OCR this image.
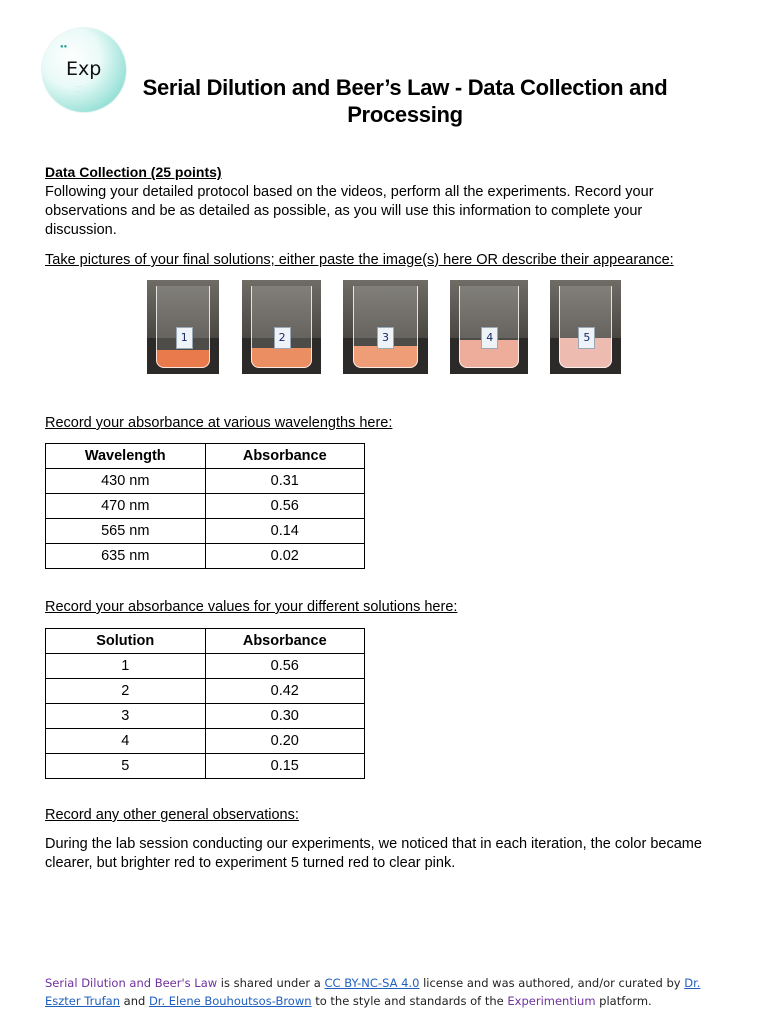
●●
Exp
·······
····	Serial Dilution and Beer’s Law - Data Collection and Processing
Data Collection (25 points)
Following your detailed protocol based on the videos, perform all the experiments. Record your observations and be as detailed as possible, as you will use this information to complete your discussion.
Take pictures of your final solutions; either paste the image(s) here OR describe their appearance:
1	2	3	4	5
Record your absorbance at various wavelengths here:
Wavelength	Absorbance
430 nm	0.31
470 nm	0.56
565 nm	0.14
635 nm	0.02
Record your absorbance values for your different solutions here:
Solution	Absorbance
1	0.56
2	0.42
3	0.30
4	0.20
5	0.15
Record any other general observations:
During the lab session conducting our experiments, we noticed that in each iteration, the color became clearer, but brighter red to experiment 5 turned red to clear pink.
Serial Dilution and Beer's Law is shared under a CC BY-NC-SA 4.0 license and was authored, and/or curated by Dr. Eszter Trufan and Dr. Elene Bouhoutsos-Brown to the style and standards of the Experimentium platform.
